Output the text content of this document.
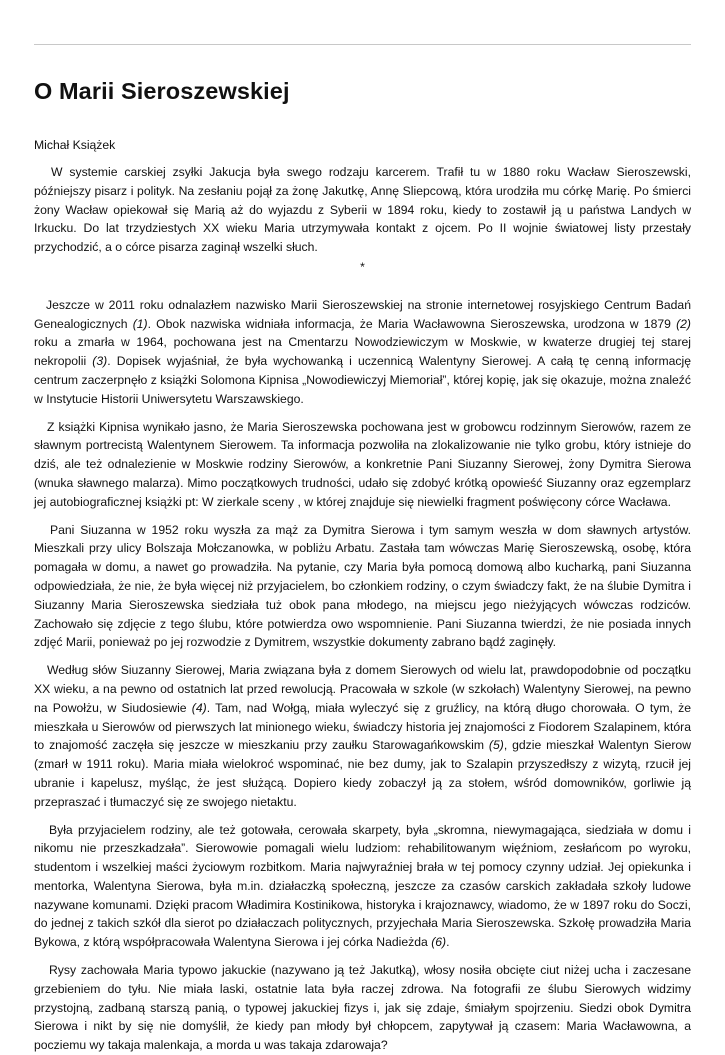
O Marii Sieroszewskiej

Michał Książek

W systemie carskiej zsyłki Jakucja była swego rodzaju karcerem. Trafił tu w 1880 roku Wacław Sieroszewski, późniejszy pisarz i polityk. Na zesłaniu pojął za żonę Jakutkę, Annę Sliepcową, która urodziła mu córkę Marię. Po śmierci żony Wacław opiekował się Marią aż do wyjazdu z Syberii w 1894 roku, kiedy to zostawił ją u państwa Landych w Irkucku. Do lat trzydziestych XX wieku Maria utrzymywała kontakt z ojcem. Po II wojnie światowej listy przestały przychodzić, a o córce pisarza zaginął wszelki słuch.

*

Jeszcze w 2011 roku odnalazłem nazwisko Marii Sieroszewskiej na stronie internetowej rosyjskiego Centrum Badań Genealogicznych (1). Obok nazwiska widniała informacja, że Maria Wacławowna Sieroszewska, urodzona w 1879 (2) roku a zmarła w 1964, pochowana jest na Cmentarzu Nowodziewiczym w Moskwie, w kwaterze drugiej tej starej nekropolii (3). Dopisek wyjaśniał, że była wychowanką i uczennicą Walentyny Sierowej. A całą tę cenną informację centrum zaczerpnęło z książki Solomona Kipnisa „Nowodiewiczyj Miemoriał”, której kopię, jak się okazuje, można znaleźć w Instytucie Historii Uniwersytetu Warszawskiego.

Z książki Kipnisa wynikało jasno, że Maria Sieroszewska pochowana jest w grobowcu rodzinnym Sierowów, razem ze sławnym portrecistą Walentynem Sierowem. Ta informacja pozwoliła na zlokalizowanie nie tylko grobu, który istnieje do dziś, ale też odnalezienie w Moskwie rodziny Sierowów, a konkretnie Pani Siuzanny Sierowej, żony Dymitra Sierowa (wnuka sławnego malarza). Mimo początkowych trudności, udało się zdobyć krótką opowieść Siuzanny oraz egzemplarz jej autobiograficznej książki pt: W zierkale sceny , w której znajduje się niewielki fragment poświęcony córce Wacława.

Pani Siuzanna w 1952 roku wyszła za mąż za Dymitra Sierowa i tym samym weszła w dom sławnych artystów. Mieszkali przy ulicy Bolszaja Mołczanowka, w pobliżu Arbatu. Zastała tam wówczas Marię Sieroszewską, osobę, która pomagała w domu, a nawet go prowadziła. Na pytanie, czy Maria była pomocą domową albo kucharką, pani Siuzanna odpowiedziała, że nie, że była więcej niż przyjacielem, bo członkiem rodziny, o czym świadczy fakt, że na ślubie Dymitra i Siuzanny Maria Sieroszewska siedziała tuż obok pana młodego, na miejscu jego nieżyjących wówczas rodziców. Zachowało się zdjęcie z tego ślubu, które potwierdza owo wspomnienie. Pani Siuzanna twierdzi, że nie posiada innych zdjęć Marii, ponieważ po jej rozwodzie z Dymitrem, wszystkie dokumenty zabrano bądź zaginęły.

Według słów Siuzanny Sierowej, Maria związana była z domem Sierowych od wielu lat, prawdopodobnie od początku XX wieku, a na pewno od ostatnich lat przed rewolucją. Pracowała w szkole (w szkołach) Walentyny Sierowej, na pewno na Powołżu, w Siudosiewie (4). Tam, nad Wołgą, miała wyleczyć się z gruźlicy, na którą długo chorowała. O tym, że mieszkała u Sierowów od pierwszych lat minionego wieku, świadczy historia jej znajomości z Fiodorem Szalapinem, która to znajomość zaczęła się jeszcze w mieszkaniu przy zaułku Starowagańkowskim (5), gdzie mieszkał Walentyn Sierow (zmarł w 1911 roku). Maria miała wielokroć wspominać, nie bez dumy, jak to Szalapin przyszedłszy z wizytą, rzucił jej ubranie i kapelusz, myśląc, że jest służącą. Dopiero kiedy zobaczył ją za stołem, wśród domowników, gorliwie ją przepraszać i tłumaczyć się ze swojego nietaktu.

Była przyjacielem rodziny, ale też gotowała, cerowała skarpety, była „skromna, niewymagająca, siedziała w domu i nikomu nie przeszkadzała”. Sierowowie pomagali wielu ludziom: rehabilitowanym więźniom, zesłańcom po wyroku, studentom i wszelkiej maści życiowym rozbitkom. Maria najwyraźniej brała w tej pomocy czynny udział. Jej opiekunka i mentorka, Walentyna Sierowa, była m.in. działaczką społeczną, jeszcze za czasów carskich zakładała szkoły ludowe nazywane komunami. Dzięki pracom Władimira Kostinikowa, historyka i krajoznawcy, wiadomo, że w 1897 roku do Soczi, do jednej z takich szkół dla sierot po działaczach politycznych, przyjechała Maria Sieroszewska. Szkołę prowadziła Maria Bykowa, z którą współpracowała Walentyna Sierowa i jej córka Nadieżda (6).

Rysy zachowała Maria typowo jakuckie (nazywano ją też Jakutką), włosy nosiła obcięte ciut niżej ucha i zaczesane grzebieniem do tyłu. Nie miała laski, ostatnie lata była raczej zdrowa. Na fotografii ze ślubu Sierowych widzimy przystojną, zadbaną starszą panią, o typowej jakuckiej fizys i, jak się zdaje, śmiałym spojrzeniu. Siedzi obok Dymitra Sierowa i nikt by się nie domyślił, że kiedy pan młody był chłopcem, zapytywał ją czasem: Maria Wacławowna, a pocziemu wy takaja malenkaja, a morda u was takaja zdarowaja?
